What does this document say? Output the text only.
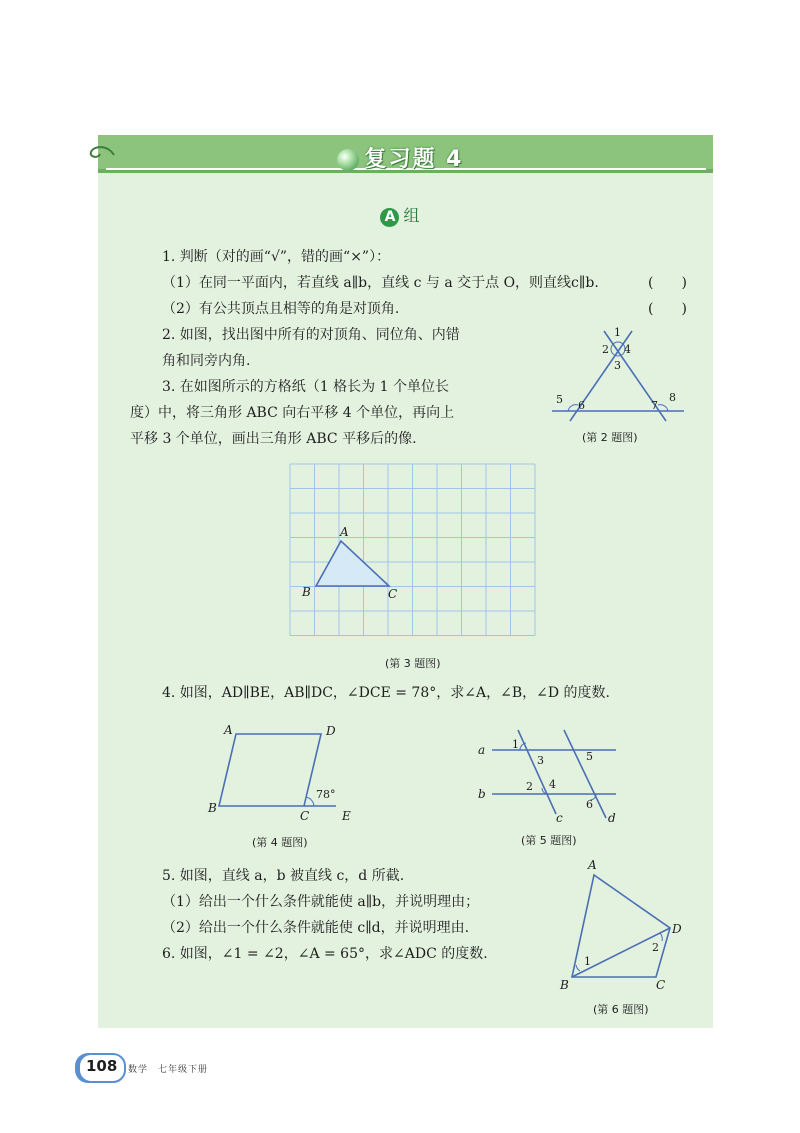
复习题 4
A 组
1. 判断（对的画“√”，错的画“×”）：
（1）在同一平面内，若直线 a∥b，直线 c 与 a 交于点 O，则直线c∥b.	(　　)
（2）有公共顶点且相等的角是对顶角.	(　　)
2. 如图，找出图中所有的对顶角、同位角、内错
角和同旁内角.
1
2
3
4
5 6	7
8
(第 2 题图)
3. 在如图所示的方格纸（1 格长为 1 个单位长
度）中，将三角形 ABC 向右平移 4 个单位，再向上
平移 3 个单位，画出三角形 ABC 平移后的像.
A
B	C
(第 3 题图)
4. 如图，AD∥BE，AB∥DC，∠DCE = 78°，求∠A，∠B，∠D 的度数.
A	D
B
C	E
78°
(第 4 题图)
a
b
c	d
1
3	5
2 4
6
(第 5 题图)
5. 如图，直线 a，b 被直线 c，d 所截.
（1）给出一个什么条件就能使 a∥b，并说明理由；
（2）给出一个什么条件就能使 c∥d，并说明理由.
6. 如图，∠1 = ∠2，∠A = 65°，求∠ADC 的度数.
A
B	C
D
1
2
(第 6 题图)
108 数学　七年级下册
